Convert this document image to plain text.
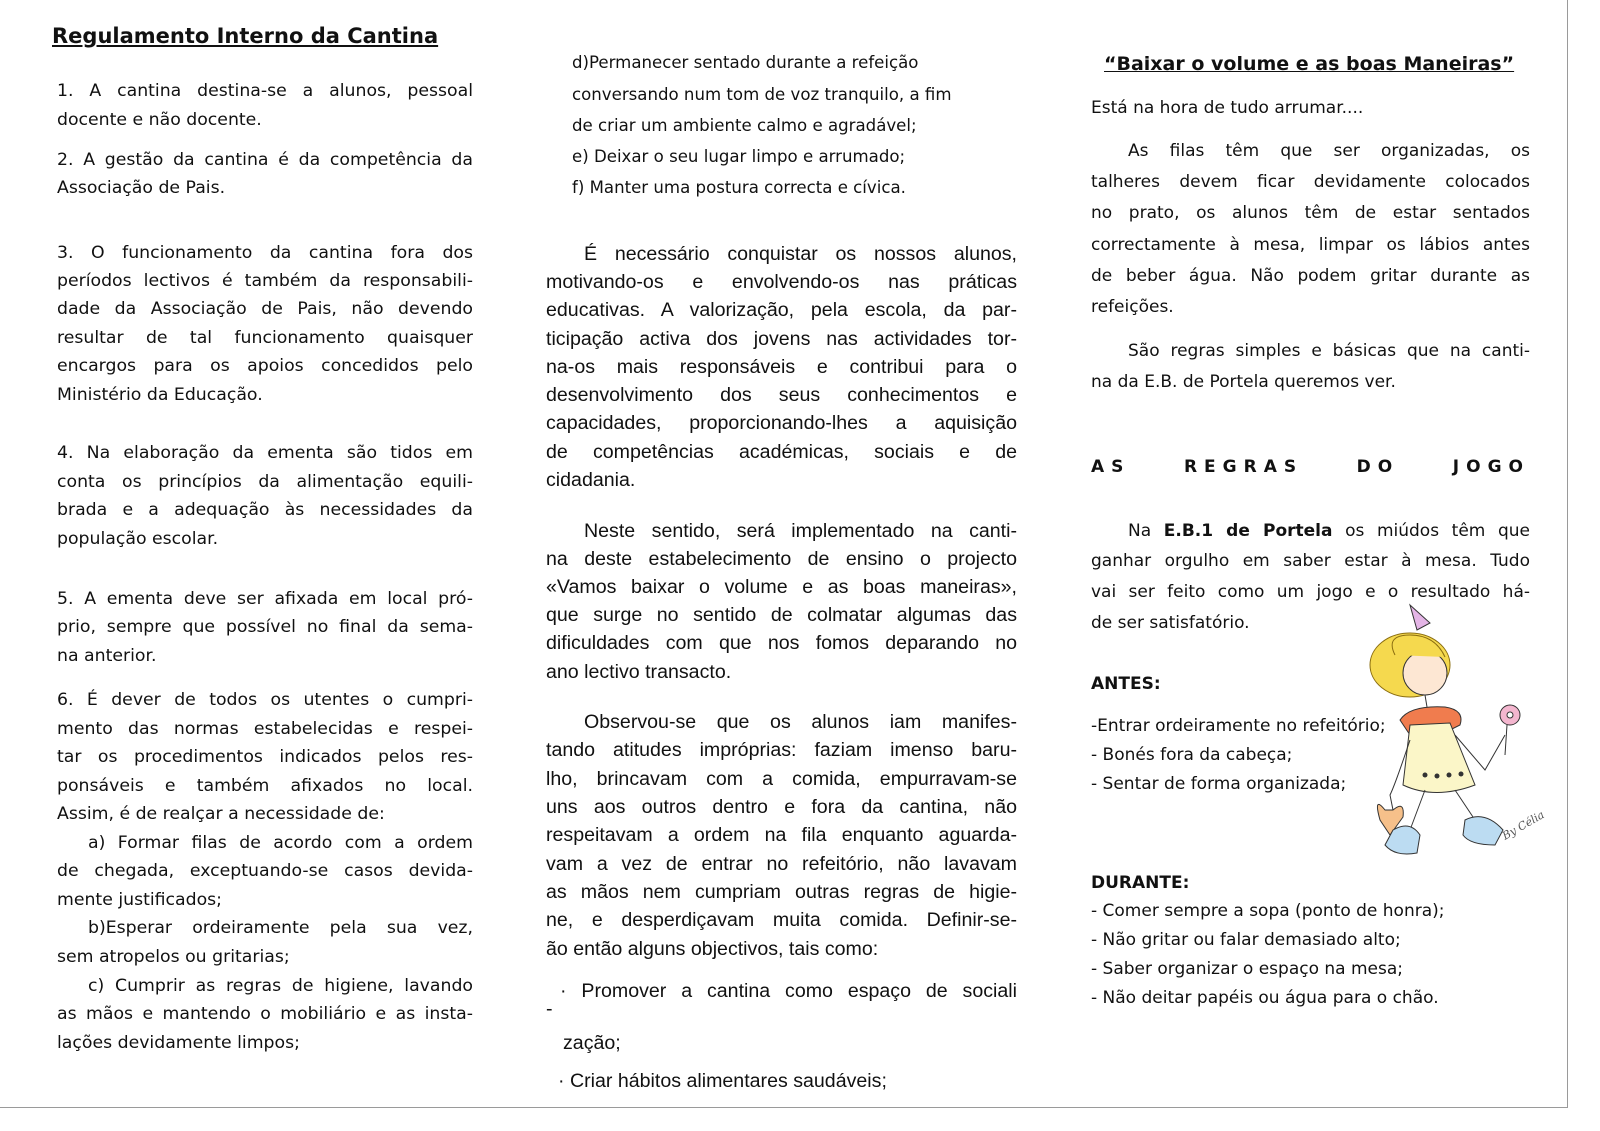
Regulamento Interno da Cantina
“Baixar o volume e as boas Maneiras”
Na E.B.1 de Portela os miúdos têm que
By Célia
1. A cantina destina-se a alunos, pessoal
docente e não docente.
2. A gestão da cantina é da competência da
Associação de Pais.
3. O funcionamento da cantina fora dos
períodos lectivos é também da responsabili-
dade da Associação de Pais, não devendo
resultar de tal funcionamento quaisquer
encargos para os apoios concedidos pelo
Ministério da Educação.
4. Na elaboração da ementa são tidos em
conta os princípios da alimentação equili-
brada e a adequação às necessidades da
população escolar.
5. A ementa deve ser afixada em local pró-
prio, sempre que possível no final da sema-
na anterior.
6. É dever de todos os utentes o cumpri-
mento das normas estabelecidas e respei-
tar os procedimentos indicados pelos res-
ponsáveis e também afixados no local.
Assim, é de realçar a necessidade de:
a) Formar filas de acordo com a ordem
de chegada, exceptuando-se casos devida-
mente justificados;
b)Esperar ordeiramente pela sua vez,
sem atropelos ou gritarias;
c) Cumprir as regras de higiene, lavando
as mãos e mantendo o mobiliário e as insta-
lações devidamente limpos;
d)Permanecer sentado durante a refeição
conversando num tom de voz tranquilo, a fim
de criar um ambiente calmo e agradável;
e) Deixar o seu lugar limpo e arrumado;
f) Manter uma postura correcta e cívica.
É necessário conquistar os nossos alunos,
motivando-os e envolvendo-os nas práticas
educativas. A valorização, pela escola, da par-
ticipação activa dos jovens nas actividades tor-
na-os mais responsáveis e contribui para o
desenvolvimento dos seus conhecimentos e
capacidades, proporcionando-lhes a aquisição
de competências académicas, sociais e de
cidadania.
Neste sentido, será implementado na canti-
na deste estabelecimento de ensino o projecto
«Vamos baixar o volume e as boas maneiras»,
que surge no sentido de colmatar algumas das
dificuldades com que nos fomos deparando no
ano lectivo transacto.
Observou-se que os alunos iam manifes-
tando atitudes impróprias: faziam imenso baru-
lho, brincavam com a comida, empurravam-se
uns aos outros dentro e fora da cantina, não
respeitavam a ordem na fila enquanto aguarda-
vam a vez de entrar no refeitório, não lavavam
as mãos nem cumpriam outras regras de higie-
ne, e desperdiçavam muita comida. Definir-se-
ão então alguns objectivos, tais como:
· Promover a cantina como espaço de sociali
-
zação;
· Criar hábitos alimentares saudáveis;
Está na hora de tudo arrumar....
As filas têm que ser organizadas, os
talheres devem ficar devidamente colocados
no prato, os alunos têm de estar sentados
correctamente à mesa, limpar os lábios antes
de beber água. Não podem gritar durante as
refeições.
São regras simples e básicas que na canti-
na da E.B. de Portela queremos ver.
AS REGRAS DO JOGO
ganhar orgulho em saber estar à mesa. Tudo
vai ser feito como um jogo e o resultado há-
de ser satisfatório.
ANTES:
-Entrar ordeiramente no refeitório;
- Bonés fora da cabeça;
- Sentar de forma organizada;
DURANTE:
- Comer sempre a sopa (ponto de honra);
- Não gritar ou falar demasiado alto;
- Saber organizar o espaço na mesa;
- Não deitar papéis ou água para o chão.
